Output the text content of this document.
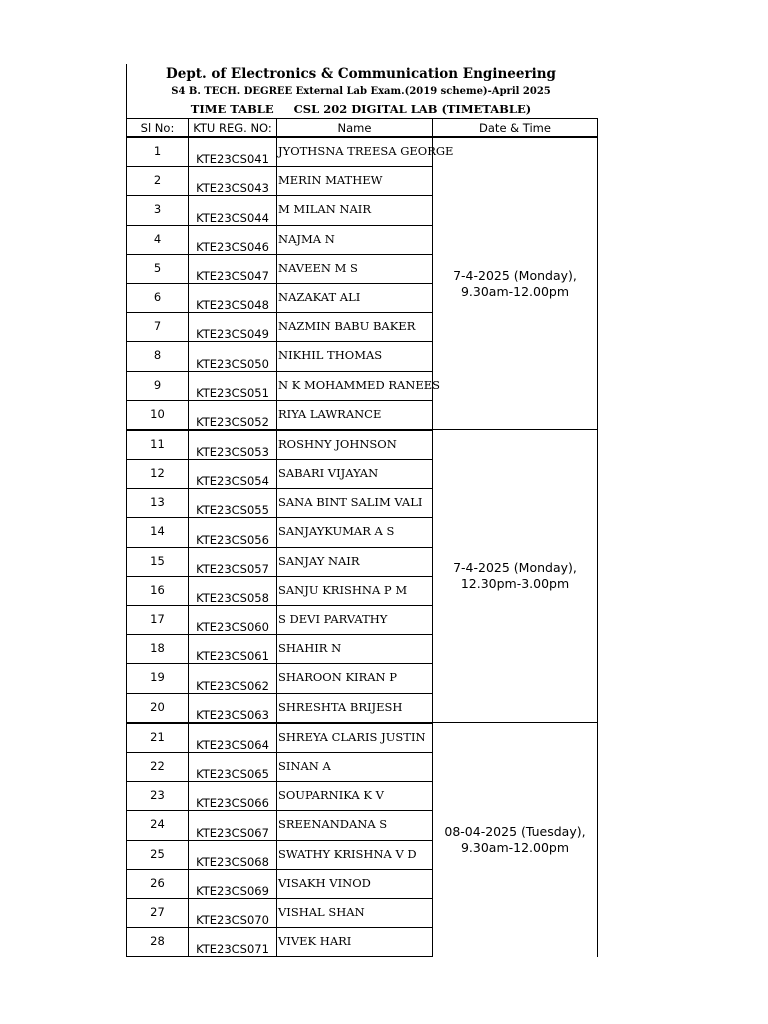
Dept. of Electronics & Communication Engineering
S4 B. TECH. DEGREE External Lab Exam.(2019 scheme)-April 2025
TIME TABLE CSL 202 DIGITAL LAB (TIMETABLE)
Sl No:	KTU REG. NO:	Name	Date & Time
1	KTE23CS041	JYOTHSNA TREESA GEORGE	7-4-2025 (Monday),
9.30am-12.00pm

2	KTE23CS043	MERIN MATHEW	
3	KTE23CS044	M MILAN NAIR	
4	KTE23CS046	NAJMA N	
5	KTE23CS047	NAVEEN M S	
6	KTE23CS048	NAZAKAT ALI	
7	KTE23CS049	NAZMIN BABU BAKER	
8	KTE23CS050	NIKHIL THOMAS	
9	KTE23CS051	N K MOHAMMED RANEES	
10	KTE23CS052	RIYA LAWRANCE	
11	KTE23CS053	ROSHNY JOHNSON	7-4-2025 (Monday),
12.30pm-3.00pm

12	KTE23CS054	SABARI VIJAYAN	
13	KTE23CS055	SANA BINT SALIM VALI	
14	KTE23CS056	SANJAYKUMAR A S	
15	KTE23CS057	SANJAY NAIR	
16	KTE23CS058	SANJU KRISHNA P M	
17	KTE23CS060	S DEVI PARVATHY	
18	KTE23CS061	SHAHIR N	
19	KTE23CS062	SHAROON KIRAN P	
20	KTE23CS063	SHRESHTA BRIJESH	
21	KTE23CS064	SHREYA CLARIS JUSTIN	08-04-2025 (Tuesday),
9.30am-12.00pm

22	KTE23CS065	SINAN A	
23	KTE23CS066	SOUPARNIKA K V	
24	KTE23CS067	SREENANDANA S	
25	KTE23CS068	SWATHY KRISHNA V D	
26	KTE23CS069	VISAKH VINOD	
27	KTE23CS070	VISHAL SHAN	
28	KTE23CS071	VIVEK HARI	
